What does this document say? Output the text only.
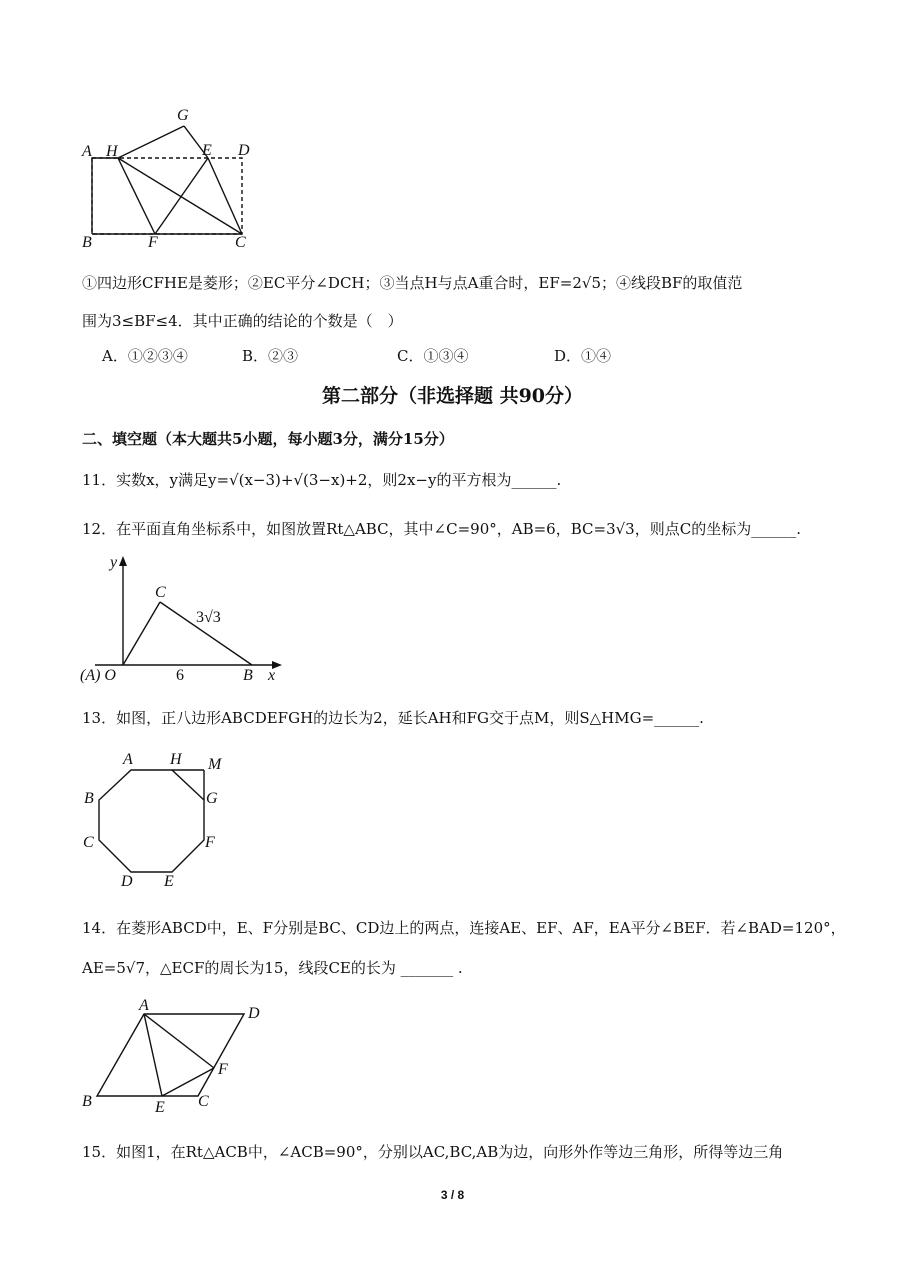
A H
G
E D
B	F	C
①四边形CFHE是菱形；②EC平分∠DCH；③当点H与点A重合时，EF=2√5；④线段BF的取值范
围为3≤BF≤4．其中正确的结论的个数是（　）
A．①②③④	B．②③	C．①③④	D．①④
第二部分（非选择题 共90分）
二、填空题（本大题共5小题，每小题3分，满分15分）
11．实数x，y满足y=√(x−3)+√(3−x)+2，则2x−y的平方根为______.
12．在平面直角坐标系中，如图放置Rt△ABC，其中∠C=90°，AB=6，BC=3√3，则点C的坐标为______.
y
C
3√3
(A) O	6	B x
13．如图，正八边形ABCDEFGH的边长为2，延长AH和FG交于点M，则S△HMG=______.
A H M
B	G
C	F
D E
14．在菱形ABCD中，E、F分别是BC、CD边上的两点，连接AE、EF、AF，EA平分∠BEF．若∠BAD=120°，
AE=5√7，△ECF的周长为15，线段CE的长为 _______ .
A	D
F
B	E C
15．如图1，在Rt△ACB中，∠ACB=90°，分别以AC,BC,AB为边，向形外作等边三角形，所得等边三角
3 / 8
